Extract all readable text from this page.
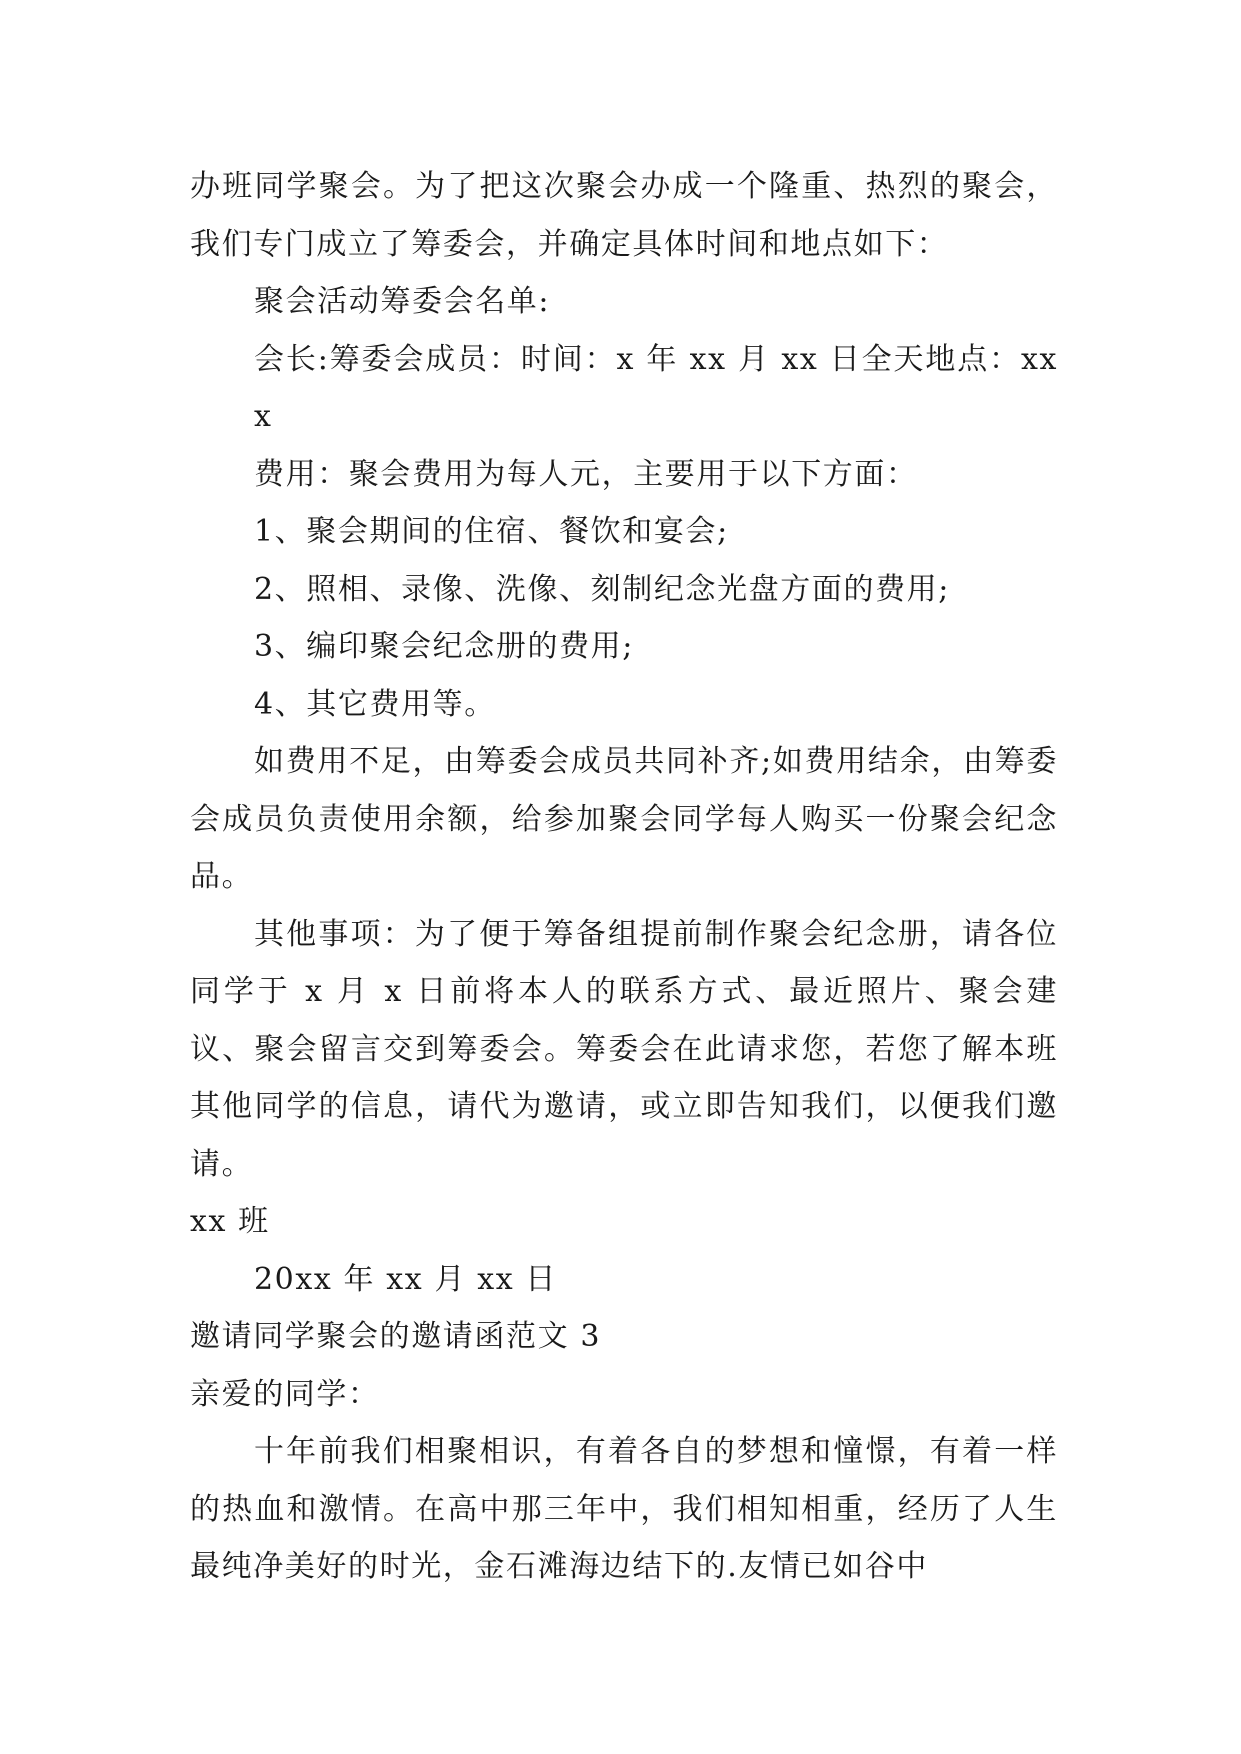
办班同学聚会。为了把这次聚会办成一个隆重、热烈的聚会，我们专门成立了筹委会，并确定具体时间和地点如下：

聚会活动筹委会名单:

会长:筹委会成员：时间：x 年 xx 月 xx 日全天地点：xxx

费用：聚会费用为每人元，主要用于以下方面：

1、聚会期间的住宿、餐饮和宴会;

2、照相、录像、洗像、刻制纪念光盘方面的费用;

3、编印聚会纪念册的费用;

4、其它费用等。

如费用不足，由筹委会成员共同补齐;如费用结余，由筹委会成员负责使用余额，给参加聚会同学每人购买一份聚会纪念品。

其他事项：为了便于筹备组提前制作聚会纪念册，请各位同学于 x 月 x 日前将本人的联系方式、最近照片、聚会建议、聚会留言交到筹委会。筹委会在此请求您，若您了解本班其他同学的信息，请代为邀请，或立即告知我们，以便我们邀请。

xx 班

20xx 年 xx 月 xx 日

邀请同学聚会的邀请函范文 3

亲爱的同学：

十年前我们相聚相识，有着各自的梦想和憧憬，有着一样的热血和激情。在高中那三年中，我们相知相重，经历了人生最纯净美好的时光，金石滩海边结下的.友情已如谷中
